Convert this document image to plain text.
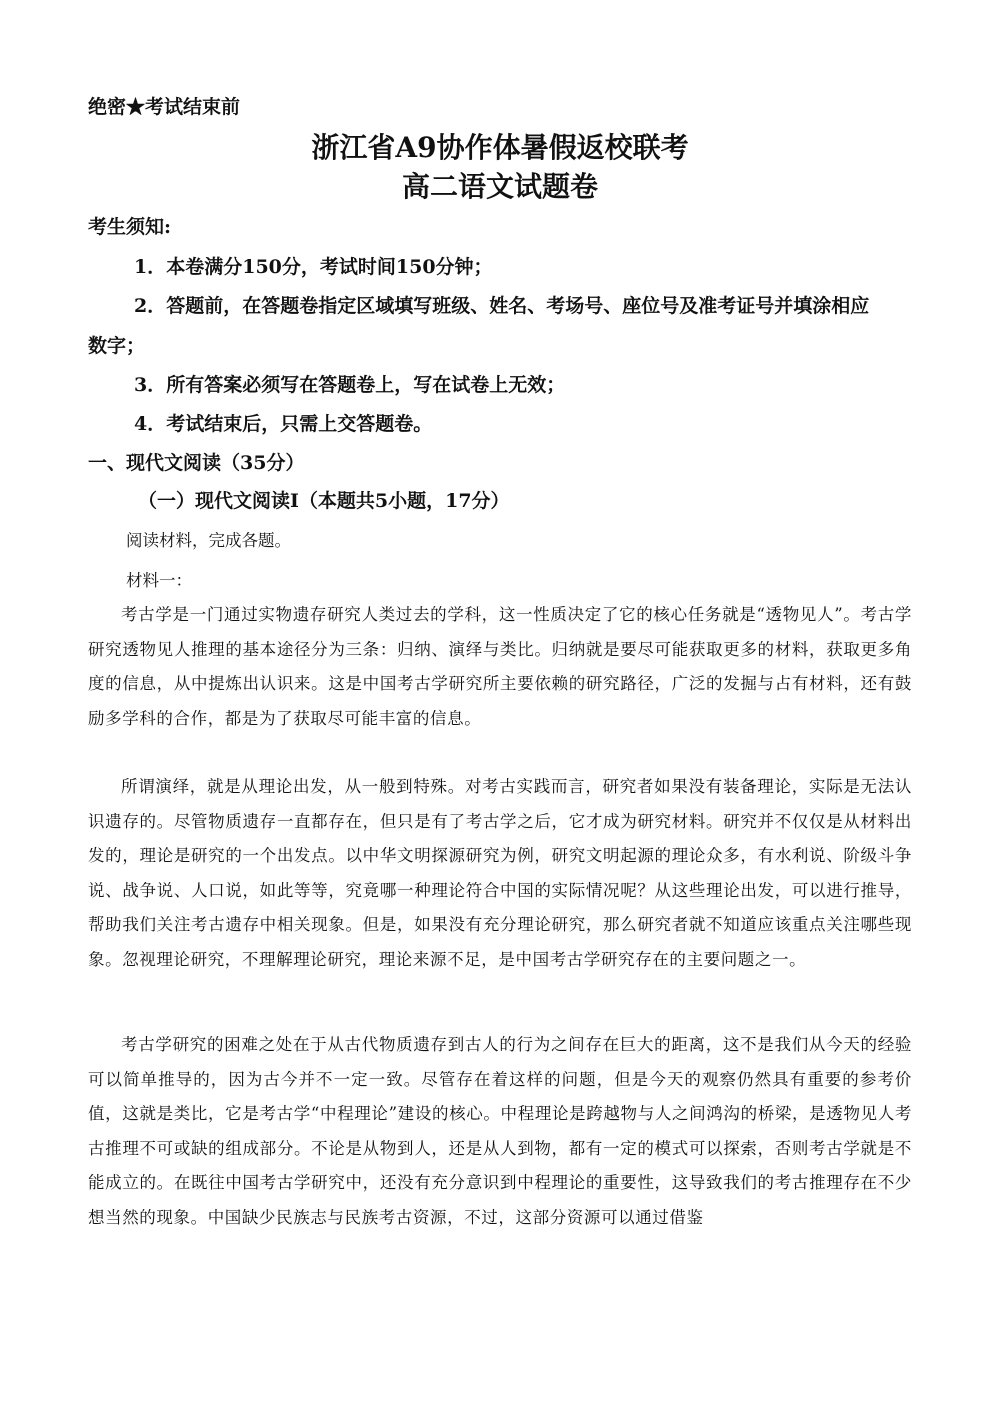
绝密★考试结束前
浙江省A9协作体暑假返校联考
高二语文试题卷
考生须知:
1．本卷满分150分，考试时间150分钟；
2．答题前，在答题卷指定区域填写班级、姓名、考场号、座位号及准考证号并填涂相应
数字；
3．所有答案必须写在答题卷上，写在试卷上无效；
4．考试结束后，只需上交答题卷。
一、现代文阅读（35分）
（一）现代文阅读Ⅰ（本题共5小题，17分）
阅读材料，完成各题。
材料一：

考古学是一门通过实物遗存研究人类过去的学科，这一性质决定了它的核心任务就是“透物见人”。考古学研究透物见人推理的基本途径分为三条：归纳、演绎与类比。归纳就是要尽可能获取更多的材料，获取更多角度的信息，从中提炼出认识来。这是中国考古学研究所主要依赖的研究路径，广泛的发掘与占有材料，还有鼓励多学科的合作，都是为了获取尽可能丰富的信息。

所谓演绎，就是从理论出发，从一般到特殊。对考古实践而言，研究者如果没有装备理论，实际是无法认识遗存的。尽管物质遗存一直都存在，但只是有了考古学之后，它才成为研究材料。研究并不仅仅是从材料出发的，理论是研究的一个出发点。以中华文明探源研究为例，研究文明起源的理论众多，有水利说、阶级斗争说、战争说、人口说，如此等等，究竟哪一种理论符合中国的实际情况呢？从这些理论出发，可以进行推导，帮助我们关注考古遗存中相关现象。但是，如果没有充分理论研究，那么研究者就不知道应该重点关注哪些现象。忽视理论研究，不理解理论研究，理论来源不足，是中国考古学研究存在的主要问题之一。

考古学研究的困难之处在于从古代物质遗存到古人的行为之间存在巨大的距离，这不是我们从今天的经验可以简单推导的，因为古今并不一定一致。尽管存在着这样的问题，但是今天的观察仍然具有重要的参考价值，这就是类比，它是考古学“中程理论”建设的核心。中程理论是跨越物与人之间鸿沟的桥梁，是透物见人考古推理不可或缺的组成部分。不论是从物到人，还是从人到物，都有一定的模式可以探索，否则考古学就是不能成立的。在既往中国考古学研究中，还没有充分意识到中程理论的重要性，这导致我们的考古推理存在不少想当然的现象。中国缺少民族志与民族考古资源，不过，这部分资源可以通过借鉴
